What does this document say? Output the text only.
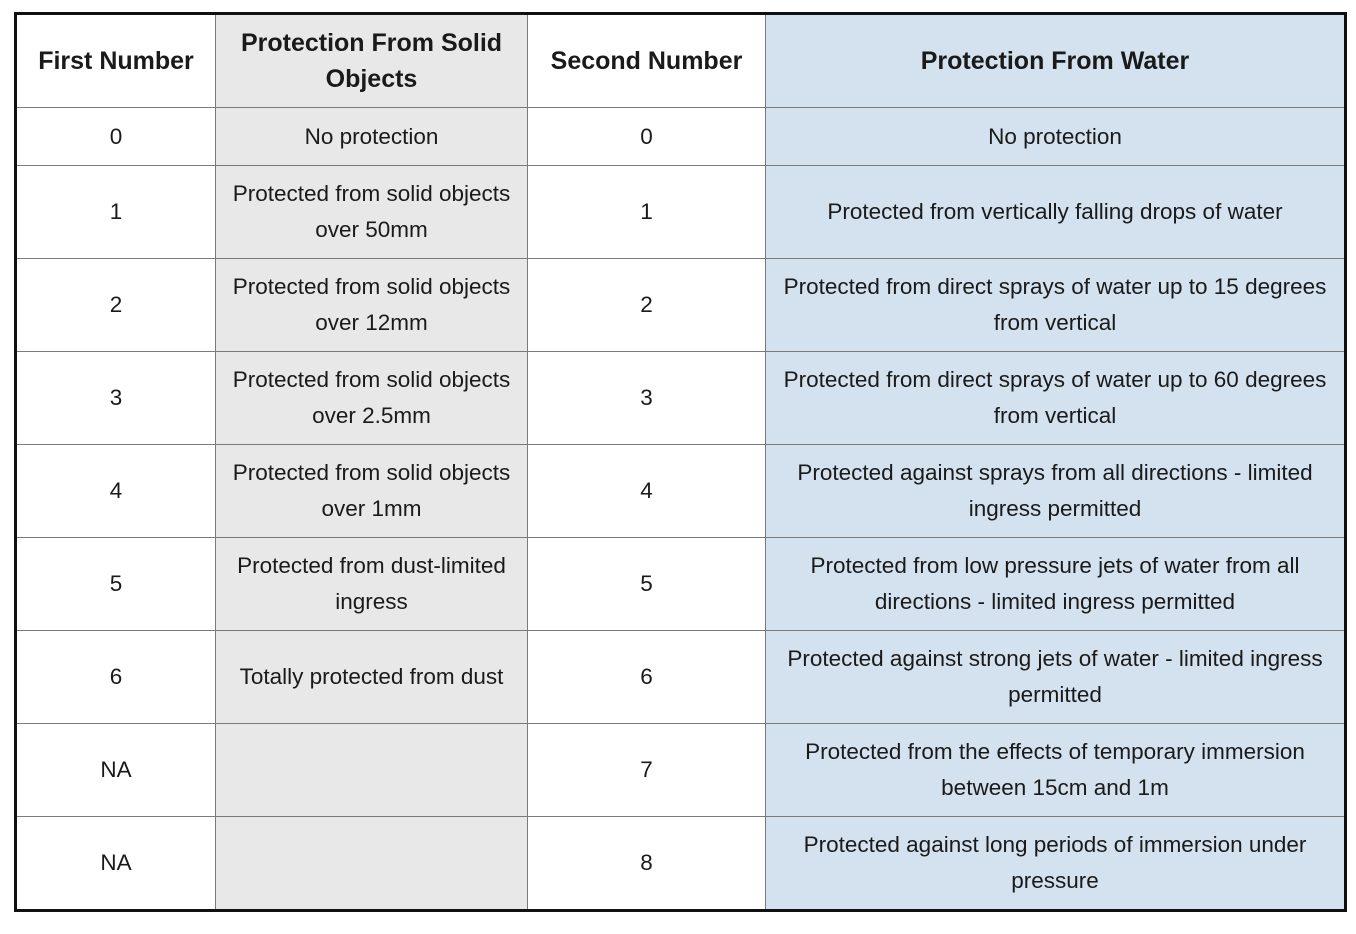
First Number	Protection From Solid Objects	Second Number	Protection From Water
0	No protection	0	No protection
1	Protected from solid objects over 50mm	1	Protected from vertically falling drops of water
2	Protected from solid objects over 12mm	2	Protected from direct sprays of water up to 15 degrees from vertical
3	Protected from solid objects over 2.5mm	3	Protected from direct sprays of water up to 60 degrees from vertical
4	Protected from solid objects over 1mm	4	Protected against sprays from all directions - limited ingress permitted
5	Protected from dust-limited ingress	5	Protected from low pressure jets of water from all directions - limited ingress permitted
6	Totally protected from dust	6	Protected against strong jets of water - limited ingress permitted
NA		7	Protected from the effects of temporary immersion between 15cm and 1m
NA		8	Protected against long periods of immersion under pressure
